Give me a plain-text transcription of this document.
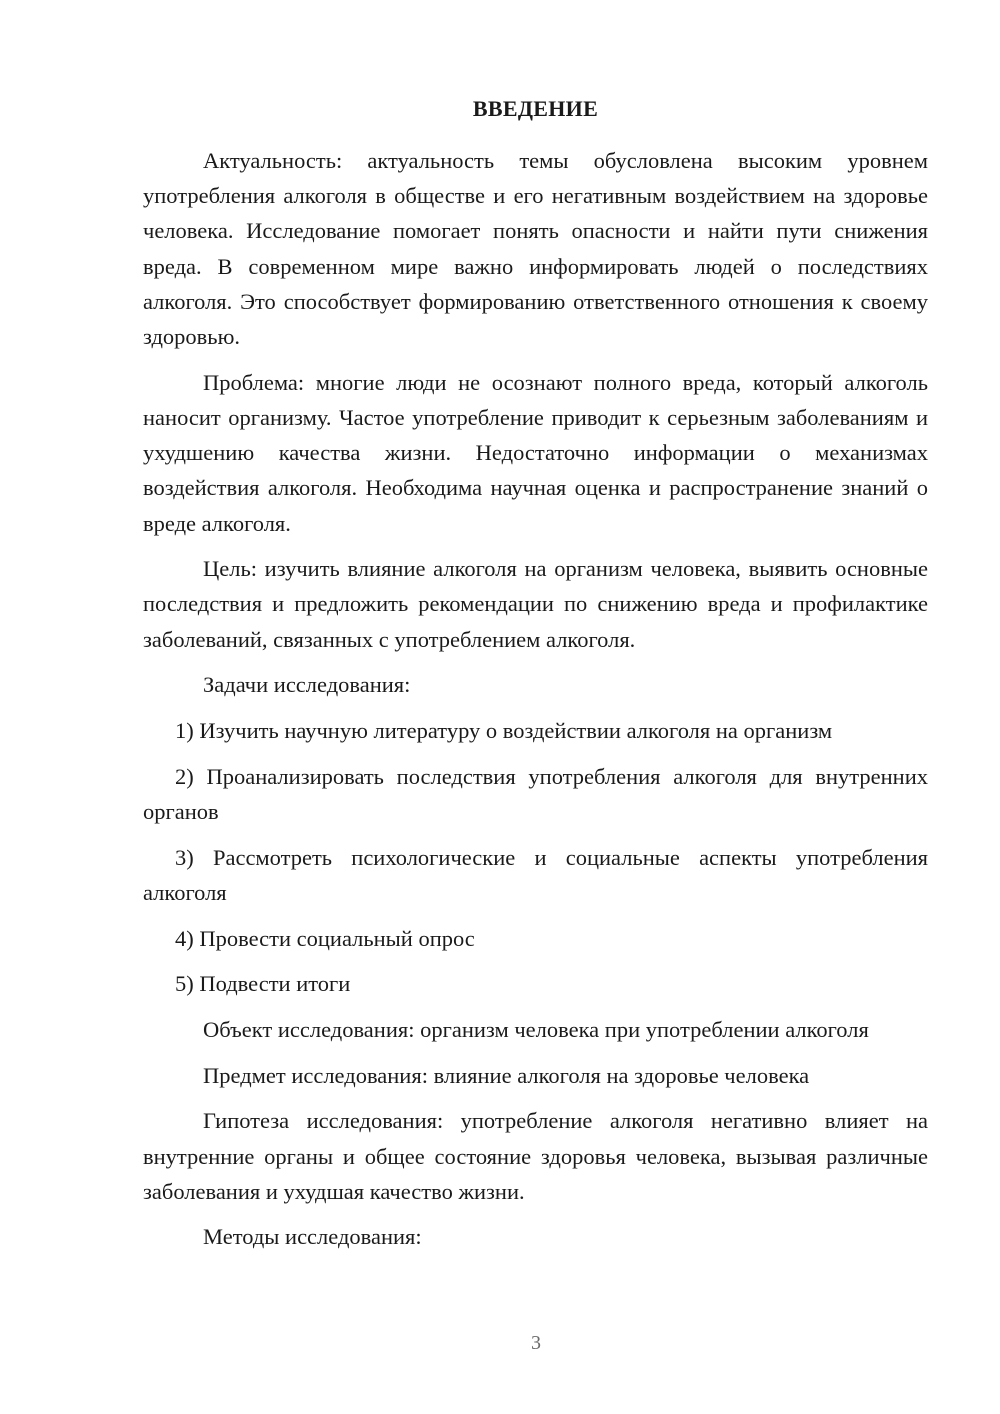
ВВЕДЕНИЕ

Актуальность: актуальность темы обусловлена высоким уровнем употребления алкоголя в обществе и его негативным воздействием на здоровье человека. Исследование помогает понять опасности и найти пути снижения вреда. В современном мире важно информировать людей о последствиях алкоголя. Это способствует формированию ответственного отношения к своему здоровью.

Проблема: многие люди не осознают полного вреда, который алкоголь наносит организму. Частое употребление приводит к серьезным заболеваниям и ухудшению качества жизни. Недостаточно информации о механизмах воздействия алкоголя. Необходима научная оценка и распространение знаний о вреде алкоголя.

Цель: изучить влияние алкоголя на организм человека, выявить основные последствия и предложить рекомендации по снижению вреда и профилактике заболеваний, связанных с употреблением алкоголя.

Задачи исследования:

1) Изучить научную литературу о воздействии алкоголя на организм

2) Проанализировать последствия употребления алкоголя для внутренних органов

3) Рассмотреть психологические и социальные аспекты употребления алкоголя

4) Провести социальный опрос

5) Подвести итоги

Объект исследования: организм человека при употреблении алкоголя

Предмет исследования: влияние алкоголя на здоровье человека

Гипотеза исследования: употребление алкоголя негативно влияет на внутренние органы и общее состояние здоровья человека, вызывая различные заболевания и ухудшая качество жизни.

Методы исследования:

3
